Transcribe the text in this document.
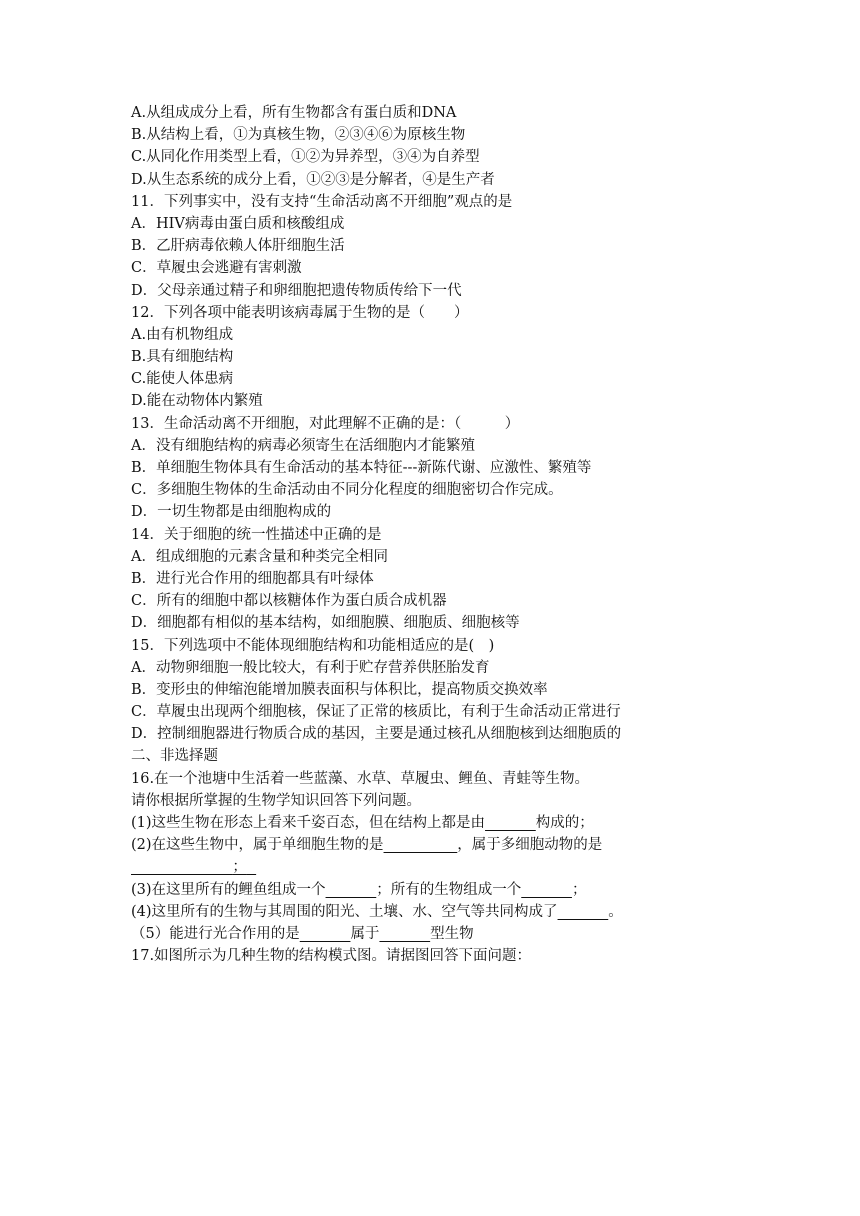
A.从组成成分上看，所有生物都含有蛋白质和DNA
B.从结构上看，①为真核生物，②③④⑥为原核生物
C.从同化作用类型上看，①②为异养型，③④为自养型
D.从生态系统的成分上看，①②③是分解者，④是生产者
11．下列事实中，没有支持“生命活动离不开细胞”观点的是
A．HIV病毒由蛋白质和核酸组成
B．乙肝病毒依赖人体肝细胞生活
C．草履虫会逃避有害刺激
D．父母亲通过精子和卵细胞把遗传物质传给下一代
12．下列各项中能表明该病毒属于生物的是（　　）
A.由有机物组成
B.具有细胞结构
C.能使人体患病
D.能在动物体内繁殖
13．生命活动离不开细胞，对此理解不正确的是：（　　　）
A．没有细胞结构的病毒必须寄生在活细胞内才能繁殖
B．单细胞生物体具有生命活动的基本特征---新陈代谢、应激性、繁殖等
C．多细胞生物体的生命活动由不同分化程度的细胞密切合作完成。
D．一切生物都是由细胞构成的
14．关于细胞的统一性描述中正确的是
A．组成细胞的元素含量和种类完全相同
B．进行光合作用的细胞都具有叶绿体
C．所有的细胞中都以核糖体作为蛋白质合成机器
D．细胞都有相似的基本结构，如细胞膜、细胞质、细胞核等
15．下列选项中不能体现细胞结构和功能相适应的是(　)
A．动物卵细胞一般比较大，有利于贮存营养供胚胎发育
B．变形虫的伸缩泡能增加膜表面积与体积比，提高物质交换效率
C．草履虫出现两个细胞核，保证了正常的核质比，有利于生命活动正常进行
D．控制细胞器进行物质合成的基因，主要是通过核孔从细胞核到达细胞质的
二、非选择题
16.在一个池塘中生活着一些蓝藻、水草、草履虫、鲤鱼、青蛙等生物。
请你根据所掌握的生物学知识回答下列问题。
(1)这些生物在形态上看来千姿百态，但在结构上都是由	构成的；
(2)在这些生物中，属于单细胞生物的是	，属于多细胞动物的是
；
(3)在这里所有的鲤鱼组成一个	；所有的生物组成一个	；
(4)这里所有的生物与其周围的阳光、土壤、水、空气等共同构成了	。
（5）能进行光合作用的是	属于	型生物
17.如图所示为几种生物的结构模式图。请据图回答下面问题：
